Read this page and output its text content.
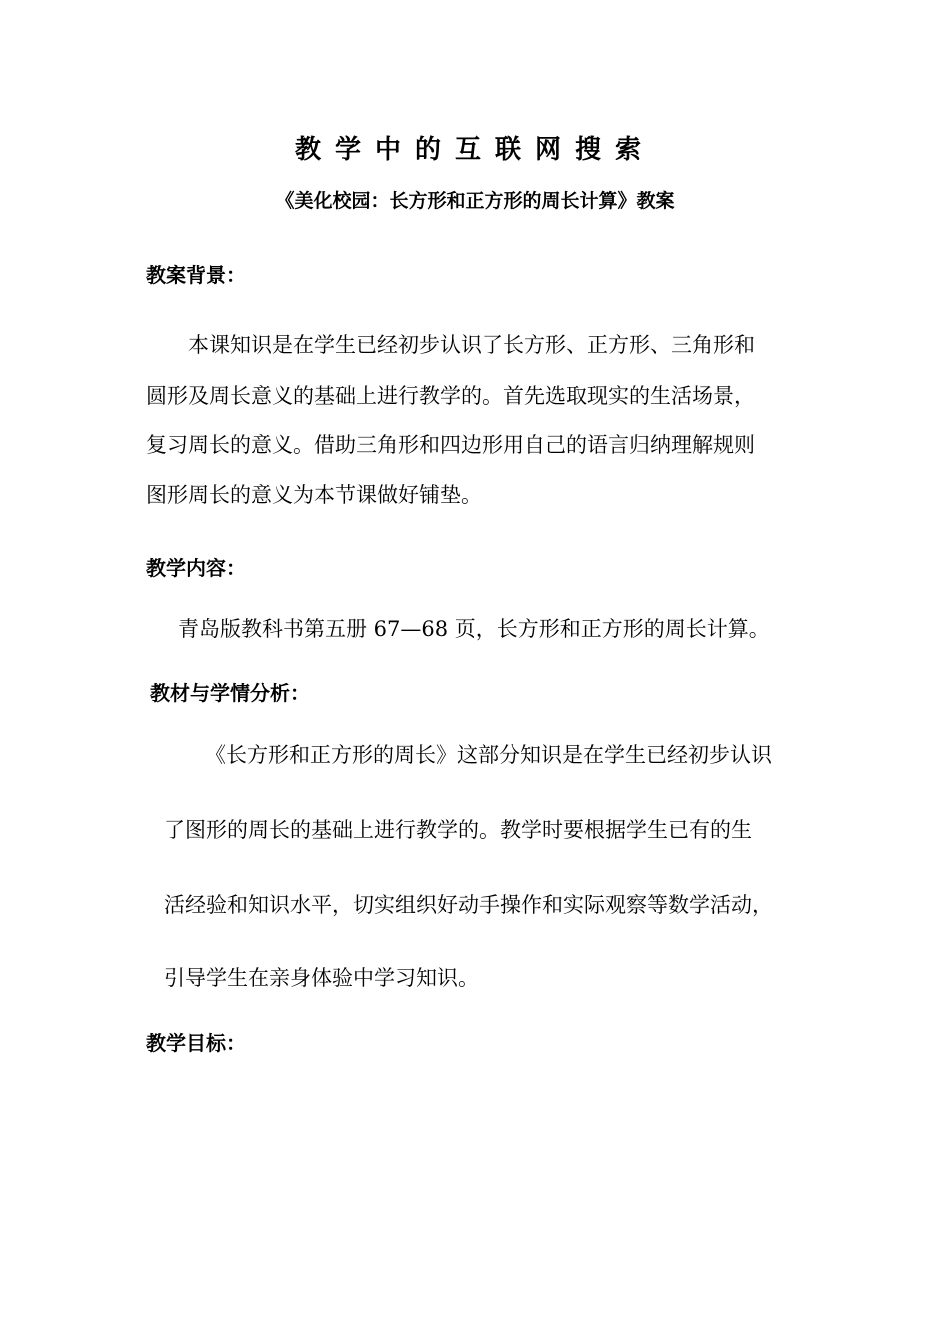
教学中的互联网搜索
《美化校园：长方形和正方形的周长计算》教案
教案背景：
本课知识是在学生已经初步认识了长方形、正方形、三角形和
圆形及周长意义的基础上进行教学的。首先选取现实的生活场景，
复习周长的意义。借助三角形和四边形用自己的语言归纳理解规则
图形周长的意义为本节课做好铺垫。
教学内容：
青岛版教科书第五册 67—68 页，长方形和正方形的周长计算。
教材与学情分析：
《长方形和正方形的周长》这部分知识是在学生已经初步认识
了图形的周长的基础上进行教学的。教学时要根据学生已有的生
活经验和知识水平，切实组织好动手操作和实际观察等数学活动，
引导学生在亲身体验中学习知识。
教学目标：
